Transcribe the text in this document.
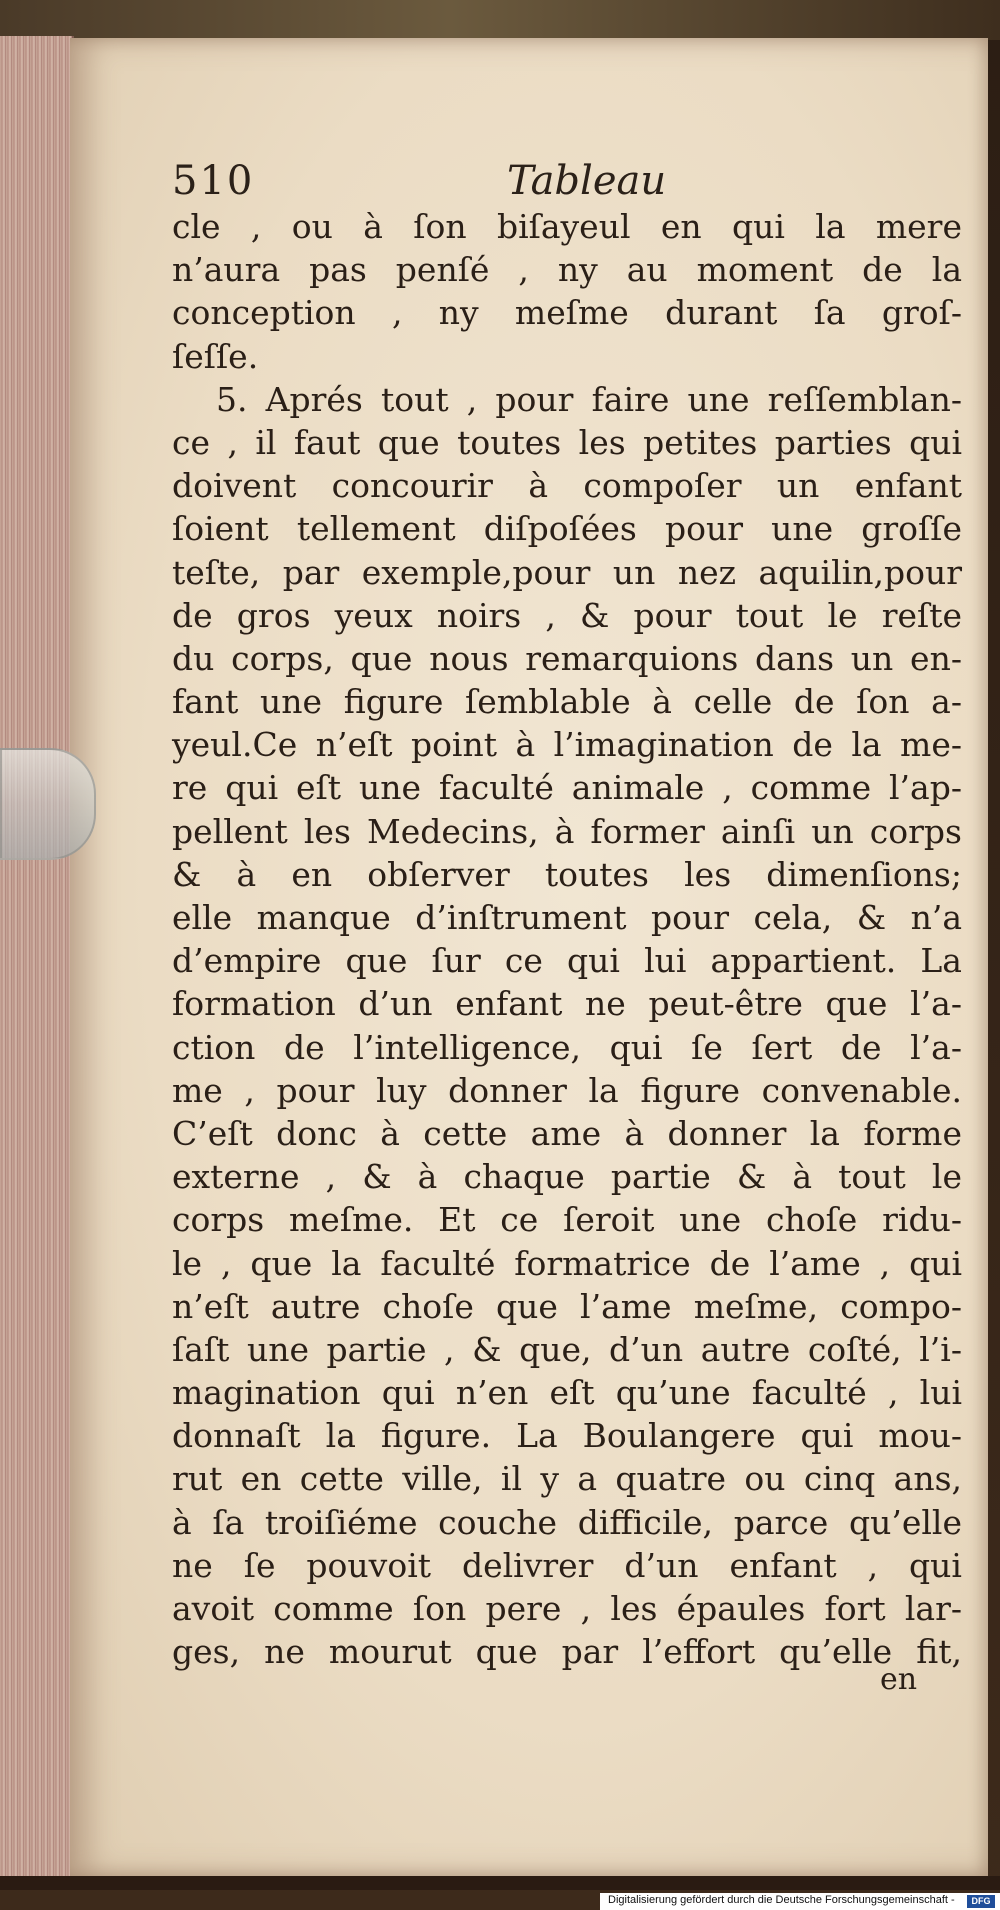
510	Tableau
cle , ou à ſon biſayeul en qui la mere
n’aura pas penſé , ny au moment de la
conception , ny meſme durant ſa groſ-
ſeſſe.
5. Aprés tout , pour faire une reſſemblan-
ce , il faut que toutes les petites parties qui
doivent concourir à compoſer un enfant
ſoient tellement diſpoſées pour une groſſe
teſte, par exemple,pour un nez aquilin,pour
de gros yeux noirs , & pour tout le reſte
du corps, que nous remarquions dans un en-
fant une figure ſemblable à celle de ſon a-
yeul.Ce n’eſt point à l’imagination de la me-
re qui eſt une faculté animale , comme l’ap-
pellent les Medecins, à former ainſi un corps
& à en obſerver toutes les dimenſions;
elle manque d’inſtrument pour cela, & n’a
d’empire que ſur ce qui lui appartient. La
formation d’un enfant ne peut-être que l’a-
ction de l’intelligence, qui ſe ſert de l’a-
me , pour luy donner la figure convenable.
C’eſt donc à cette ame à donner la forme
externe , & à chaque partie & à tout le
corps meſme. Et ce ſeroit une choſe ridu-
le , que la faculté formatrice de l’ame , qui
n’eſt autre choſe que l’ame meſme, compo-
ſaſt une partie , & que, d’un autre coſté, l’i-
magination qui n’en eſt qu’une faculté , lui
donnaſt la figure. La Boulangere qui mou-
rut en cette ville, il y a quatre ou cinq ans,
à ſa troiſiéme couche difficile, parce qu’elle
ne ſe pouvoit delivrer d’un enfant , qui
avoit comme ſon pere , les épaules fort lar-
ges, ne mourut que par l’effort qu’elle fit,
en
Digitalisierung gefördert durch die Deutsche Forschungsgemeinschaft -	DFG
